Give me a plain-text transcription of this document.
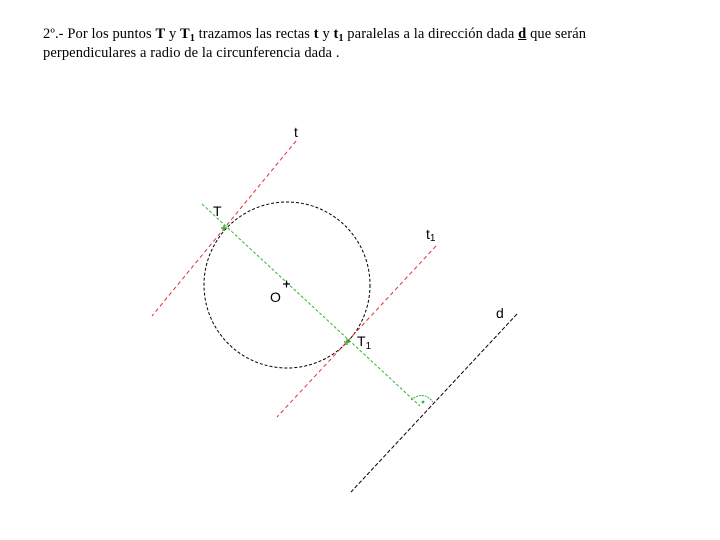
2º.- Por los puntos T y $T_1$ trazamos las rectas t y $t_1$ paralelas a la dirección dada d que serán perpendiculares a radio de la circunferencia dada .
t
T
t1
O
$T_1$
d
